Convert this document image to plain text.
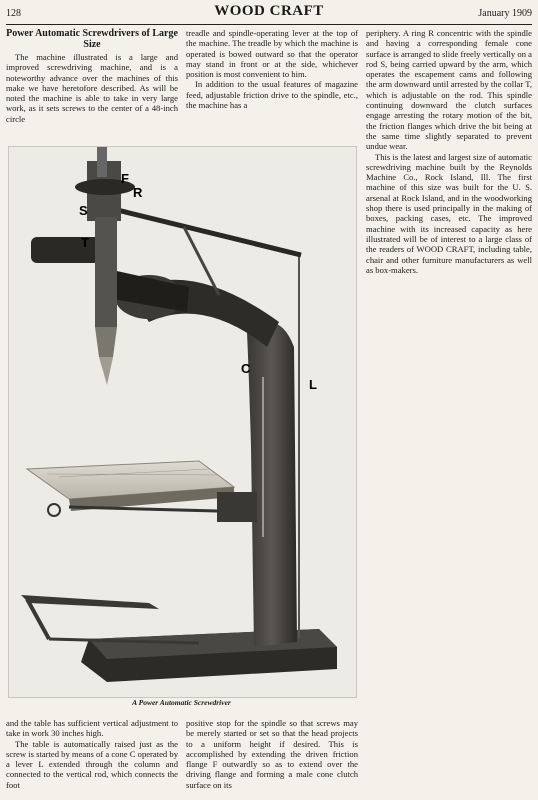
128	WOOD CRAFT	January 1909
Power Automatic Screwdrivers of Large Size

The machine illustrated is a large and improved screwdriving machine, and is a noteworthy advance over the machines of this make we have heretofore described. As will be noted the machine is able to take in very large work, as it sets screws to the center of a 48-inch circle

treadle and spindle-operating lever at the top of the machine. The treadle by which the machine is operated is bowed outward so that the operator may stand in front or at the side, whichever position is most convenient to him.

In addition to the usual features of magazine feed, adjustable friction drive to the spindle, etc., the machine has a

periphery. A ring R concentric with the spindle and having a corresponding female cone surface is arranged to slide freely vertically on a rod S, being carried upward by the arm, which operates the escapement cams and following the arm downward until arrested by the collar T, which is adjustable on the rod. This spindle continuing downward the clutch surfaces engage arresting the rotary motion of the bit, the friction flanges which drive the bit being at the same time slightly separated to prevent undue wear.

This is the latest and largest size of automatic screwdriving machine built by the Reynolds Machine Co., Rock Island, Ill. The first machine of this size was built for the U. S. arsenal at Rock Island, and in the woodworking shop there is used principally in the making of boxes, packing cases, etc. The improved machine with its increased capacity as here illustrated will be of interest to a large class of the readers of WOOD CRAFT, including table, chair and other furniture manufacturers as well as box-makers.

F
R
S
T
C
L
A Power Automatic Screwdriver

and the table has sufficient vertical adjustment to take in work 30 inches high.

The table is automatically raised just as the screw is started by means of a cone C operated by a lever L extended through the column and connected to the vertical rod, which connects the foot

positive stop for the spindle so that screws may be merely started or set so that the head projects to a uniform height if desired. This is accomplished by extending the driven friction flange F outwardly so as to extend over the driving flange and forming a male cone clutch surface on its
